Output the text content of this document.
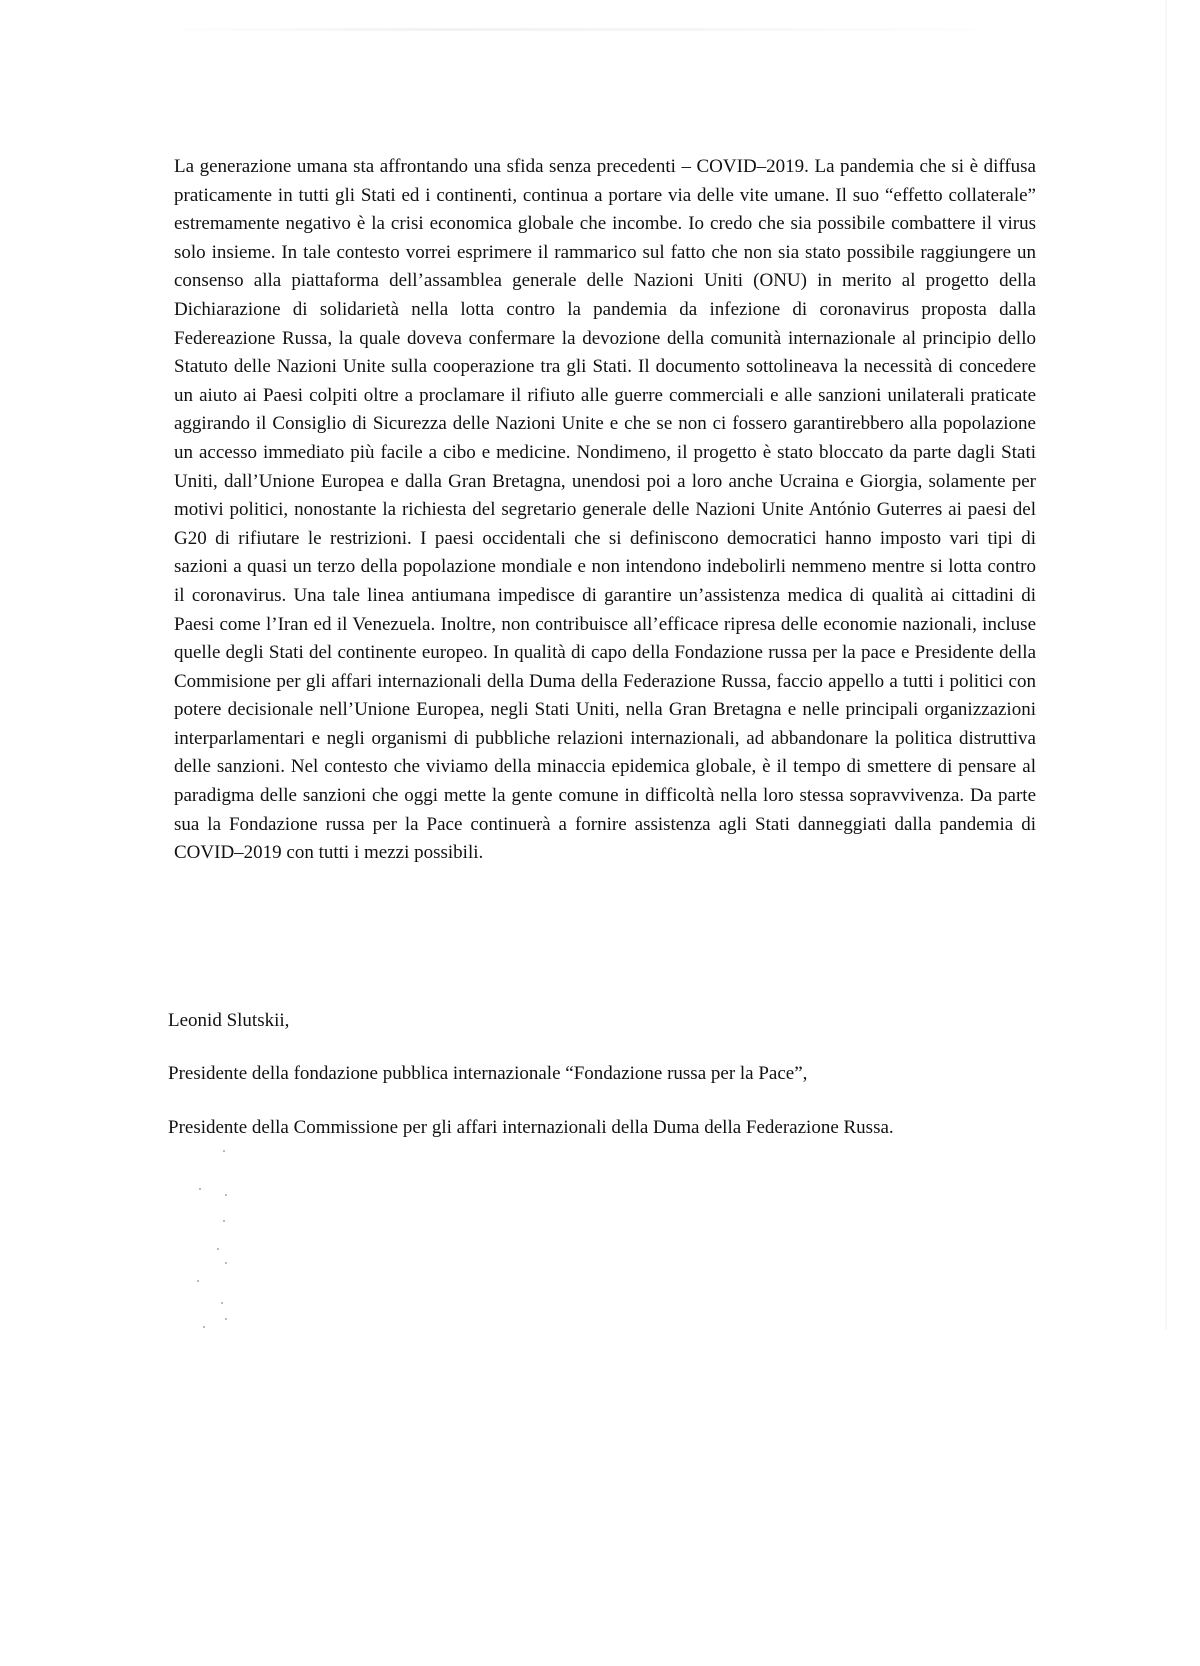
La generazione umana sta affrontando una sfida senza precedenti – COVID–2019. La pandemia che si è diffusa praticamente in tutti gli Stati ed i continenti, continua a portare via delle vite umane. Il suo “effetto collaterale” estremamente negativo è la crisi economica globale che incombe. Io credo che sia possibile combattere il virus solo insieme. In tale contesto vorrei esprimere il rammarico sul fatto che non sia stato possibile raggiungere un consenso alla piattaforma dell’assamblea generale delle Nazioni Uniti (ONU) in merito al progetto della Dichiarazione di solidarietà nella lotta contro la pandemia da infezione di coronavirus proposta dalla Federeazione Russa, la quale doveva confermare la devozione della comunità internazionale al principio dello Statuto delle Nazioni Unite sulla cooperazione tra gli Stati. Il documento sottolineava la necessità di concedere un aiuto ai Paesi colpiti oltre a proclamare il rifiuto alle guerre commerciali e alle sanzioni unilaterali praticate aggirando il Consiglio di Sicurezza delle Nazioni Unite e che se non ci fossero garantirebbero alla popolazione un accesso immediato più facile a cibo e medicine. Nondimeno, il progetto è stato bloccato da parte dagli Stati Uniti, dall’Unione Europea e dalla Gran Bretagna, unendosi poi a loro anche Ucraina e Giorgia, solamente per motivi politici, nonostante la richiesta del segretario generale delle Nazioni Unite António Guterres ai paesi del G20 di rifiutare le restrizioni. I paesi occidentali che si definiscono democratici hanno imposto vari tipi di sazioni a quasi un terzo della popolazione mondiale e non intendono indebolirli nemmeno mentre si lotta contro il coronavirus. Una tale linea antiumana impedisce di garantire un’assistenza medica di qualità ai cittadini di Paesi come l’Iran ed il Venezuela. Inoltre, non contribuisce all’efficace ripresa delle economie nazionali, incluse quelle degli Stati del continente europeo. In qualità di capo della Fondazione russa per la pace e Presidente della Commisione per gli affari internazionali della Duma della Federazione Russa, faccio appello a tutti i politici con potere decisionale nell’Unione Europea, negli Stati Uniti, nella Gran Bretagna e nelle principali organizzazioni interparlamentari e negli organismi di pubbliche relazioni internazionali, ad abbandonare la politica distruttiva delle sanzioni. Nel contesto che viviamo della minaccia epidemica globale, è il tempo di smettere di pensare al paradigma delle sanzioni che oggi mette la gente comune in difficoltà nella loro stessa sopravvivenza. Da parte sua la Fondazione russa per la Pace continuerà a fornire assistenza agli Stati danneggiati dalla pandemia di COVID–2019 con tutti i mezzi possibili.

Leonid Slutskii,

Presidente della fondazione pubblica internazionale “Fondazione russa per la Pace”,

Presidente della Commissione per gli affari internazionali della Duma della Federazione Russa.
